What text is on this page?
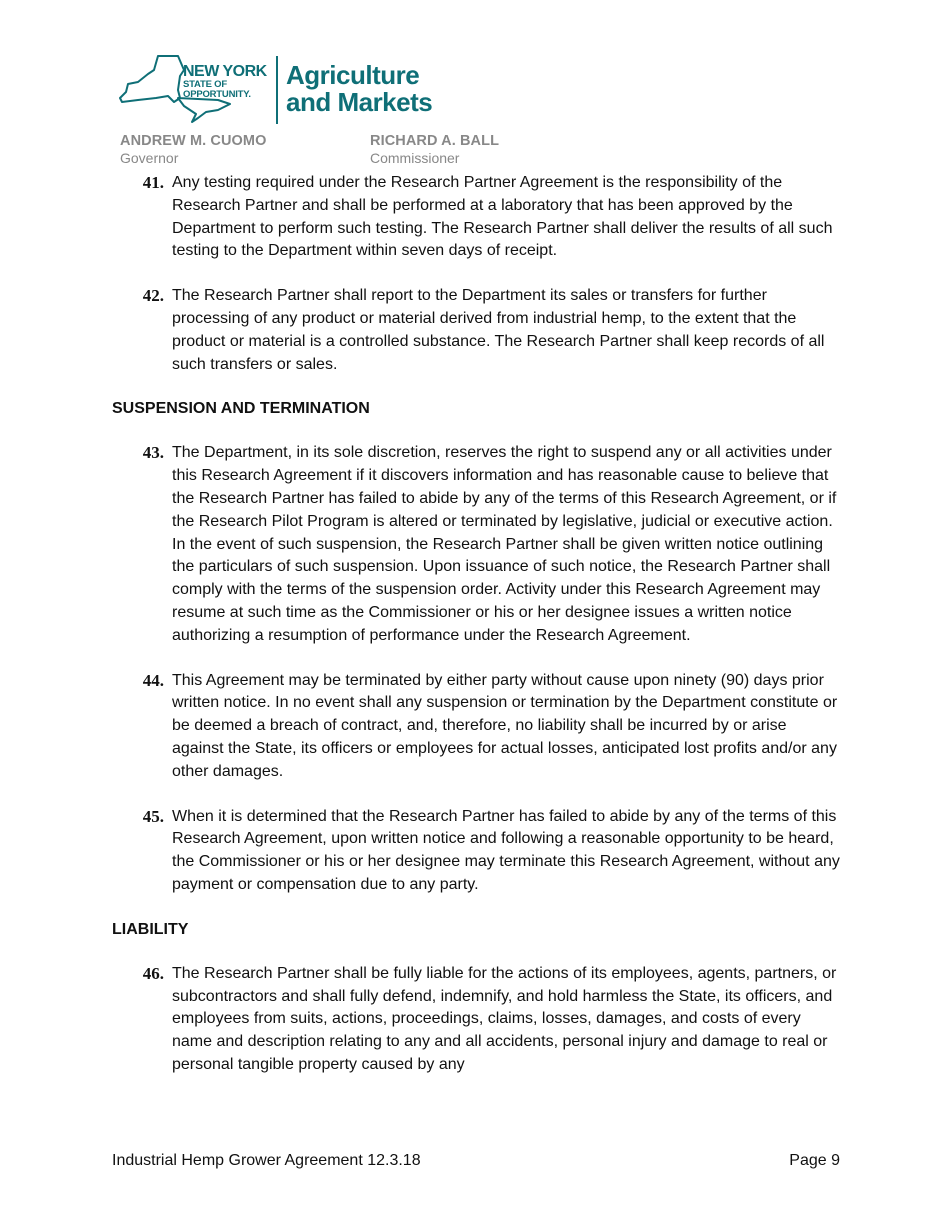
NEW YORK
STATE OF
OPPORTUNITY.
Agriculture
and Markets
ANDREW M. CUOMO
Governor
RICHARD A. BALL
Commissioner
41. Any testing required under the Research Partner Agreement is the responsibility of the Research Partner and shall be performed at a laboratory that has been approved by the Department to perform such testing. The Research Partner shall deliver the results of all such testing to the Department within seven days of receipt.
42. The Research Partner shall report to the Department its sales or transfers for further processing of any product or material derived from industrial hemp, to the extent that the product or material is a controlled substance. The Research Partner shall keep records of all such transfers or sales.
SUSPENSION AND TERMINATION
43. The Department, in its sole discretion, reserves the right to suspend any or all activities under this Research Agreement if it discovers information and has reasonable cause to believe that the Research Partner has failed to abide by any of the terms of this Research Agreement, or if the Research Pilot Program is altered or terminated by legislative, judicial or executive action. In the event of such suspension, the Research Partner shall be given written notice outlining the particulars of such suspension. Upon issuance of such notice, the Research Partner shall comply with the terms of the suspension order. Activity under this Research Agreement may resume at such time as the Commissioner or his or her designee issues a written notice authorizing a resumption of performance under the Research Agreement.
44. This Agreement may be terminated by either party without cause upon ninety (90) days prior written notice. In no event shall any suspension or termination by the Department constitute or be deemed a breach of contract, and, therefore, no liability shall be incurred by or arise against the State, its officers or employees for actual losses, anticipated lost profits and/or any other damages.
45. When it is determined that the Research Partner has failed to abide by any of the terms of this Research Agreement, upon written notice and following a reasonable opportunity to be heard, the Commissioner or his or her designee may terminate this Research Agreement, without any payment or compensation due to any party.
LIABILITY
46. The Research Partner shall be fully liable for the actions of its employees, agents, partners, or subcontractors and shall fully defend, indemnify, and hold harmless the State, its officers, and employees from suits, actions, proceedings, claims, losses, damages, and costs of every name and description relating to any and all accidents, personal injury and damage to real or personal tangible property caused by any
Industrial Hemp Grower Agreement 12.3.18	Page 9
